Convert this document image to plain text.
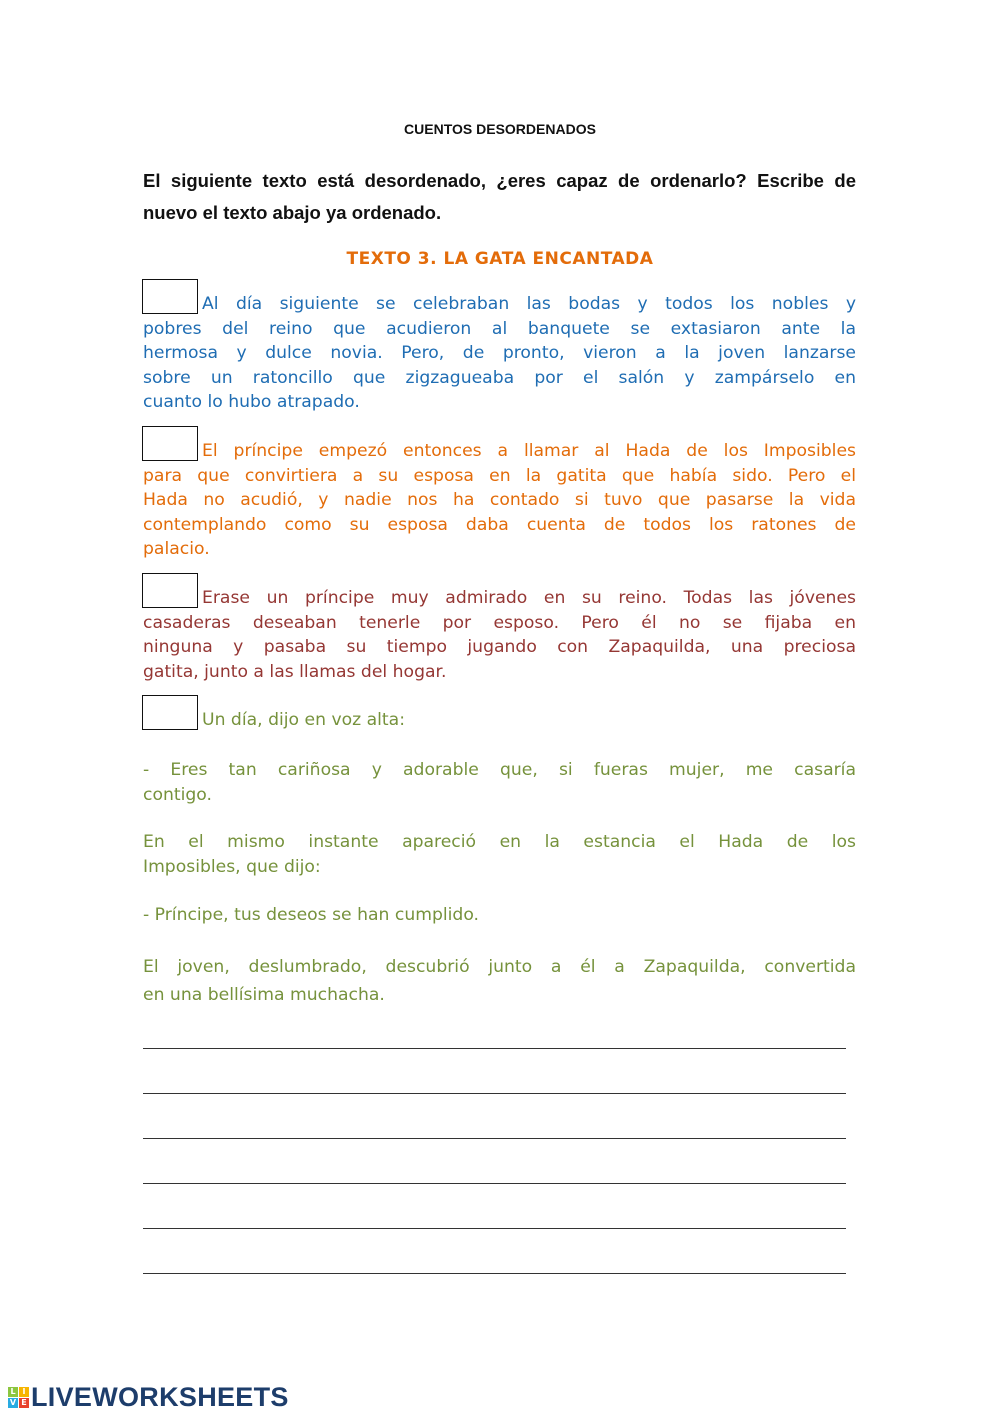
CUENTOS DESORDENADOS
El siguiente texto está desordenado, ¿eres capaz de ordenarlo? Escribe de nuevo el texto abajo ya ordenado.
TEXTO 3. LA GATA ENCANTADA
Al día siguiente se celebraban las bodas y todos los nobles y
pobres del reino que acudieron al banquete se extasiaron ante la
hermosa y dulce novia. Pero, de pronto, vieron a la joven lanzarse
sobre un ratoncillo que zigzagueaba por el salón y zampárselo en
cuanto lo hubo atrapado.
El príncipe empezó entonces a llamar al Hada de los Imposibles
para que convirtiera a su esposa en la gatita que había sido. Pero el
Hada no acudió, y nadie nos ha contado si tuvo que pasarse la vida
contemplando como su esposa daba cuenta de todos los ratones de
palacio.
Erase un príncipe muy admirado en su reino. Todas las jóvenes
casaderas deseaban tenerle por esposo. Pero él no se fijaba en
ninguna y pasaba su tiempo jugando con Zapaquilda, una preciosa
gatita, junto a las llamas del hogar.
Un día, dijo en voz alta:
- Eres tan cariñosa y adorable que, si fueras mujer, me casaría
contigo.
En el mismo instante apareció en la estancia el Hada de los
Imposibles, que dijo:
- Príncipe, tus deseos se han cumplido.
El joven, deslumbrado, descubrió junto a él a Zapaquilda, convertida
en una bellísima muchacha.
L I
V E LIVEWORKSHEETS
